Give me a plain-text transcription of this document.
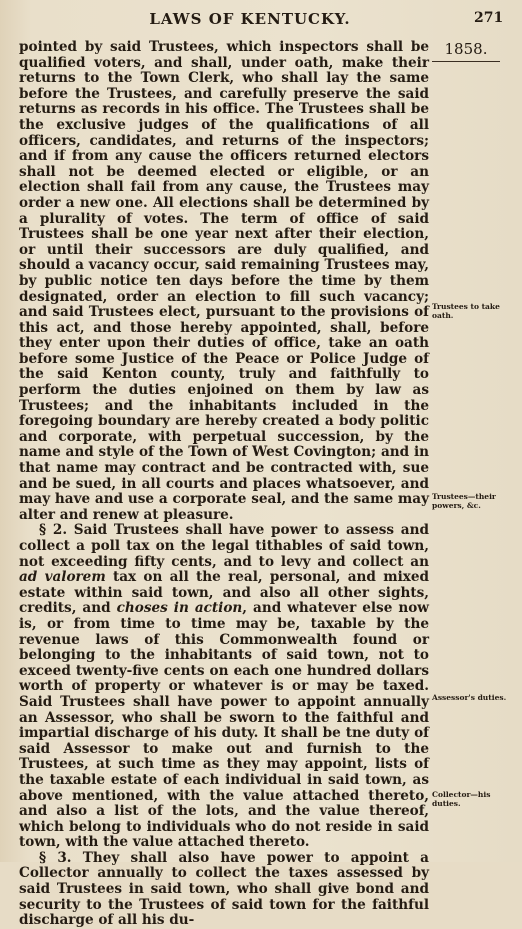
LAWS OF KENTUCKY.	271
1858.
Trustees to take oath.
Trustees—their powers, &c.
Assessor's duties.
Collector—his duties.

pointed by said Trustees, which inspectors shall be qualified voters, and shall, under oath, make their returns to the Town Clerk, who shall lay the same before the Trustees, and carefully preserve the said returns as records in his office. The Trustees shall be the exclusive judges of the qualifications of all officers, candidates, and returns of the inspectors; and if from any cause the officers returned electors shall not be deemed elected or eligible, or an election shall fail from any cause, the Trustees may order a new one. All elections shall be determined by a plurality of votes. The term of office of said Trustees shall be one year next after their election, or until their successors are duly qualified, and should a vacancy occur, said remaining Trustees may, by public notice ten days before the time by them designated, order an election to fill such vacancy; and said Trustees elect, pursuant to the provisions of this act, and those hereby appointed, shall, before they enter upon their duties of office, take an oath before some Justice of the Peace or Police Judge of the said Kenton county, truly and faithfully to perform the duties enjoined on them by law as Trustees; and the inhabitants included in the foregoing boundary are hereby created a body politic and corporate, with perpetual succession, by the name and style of the Town of West Covington; and in that name may contract and be contracted with, sue and be sued, in all courts and places whatsoever, and may have and use a corporate seal, and the same may alter and renew at pleasure.

§ 2. Said Trustees shall have power to assess and collect a poll tax on the legal tithables of said town, not exceeding fifty cents, and to levy and collect an ad valorem tax on all the real, personal, and mixed estate within said town, and also all other sights, credits, and choses in action, and whatever else now is, or from time to time may be, taxable by the revenue laws of this Commonwealth found or belonging to the inhabitants of said town, not to exceed twenty-five cents on each one hundred dollars worth of property or whatever is or may be taxed. Said Trustees shall have power to appoint annually an Assessor, who shall be sworn to the faithful and impartial discharge of his duty. It shall be tne duty of said Assessor to make out and furnish to the Trustees, at such time as they may appoint, lists of the taxable estate of each individual in said town, as above mentioned, with the value attached thereto, and also a list of the lots, and the value thereof, which belong to individuals who do not reside in said town, with the value attached thereto.

§ 3. They shall also have power to appoint a Collector annually to collect the taxes assessed by said Trustees in said town, who shall give bond and security to the Trustees of said town for the faithful discharge of all his du-
